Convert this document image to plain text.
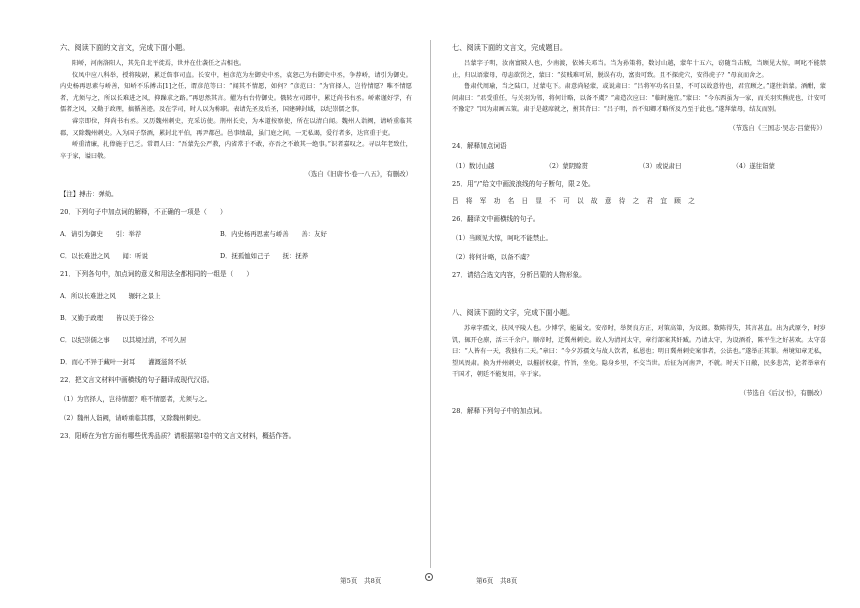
六、阅读下面的文言文，完成下面小题。

阳峤，河南洛阳人，其先自北平徙焉，世并在仕袭任之吉相也。

仪凤中应八科举，授将陵尉，累迁詹事司直。长安中，桓彦范为左御史中丞，袁恕己为右御史中丞，争荐峤，请引为御史。内史杨再思素与峤善，知峤不乐搏击[1]之任，谓彦范等曰：“闻其不情愿，如何？”彦范曰：“为官择人，岂待情愿？唯不情愿者，尤须与之，所以长难进之风，抑躁求之路。”再思然其言。擢为右台侍御史。俄转左司郎中，累迁尚书右丞。峤素谨好学，有儒者之风，又勤于政理，搞循善迹。及在学司，时人以为称职。表请先圣及后圣，国建碑封域，以纪崇儒之事。

睿宗即位，拜尚书右丞。又历魏州刺史，充采访使。荆州长史，为本道按察使，所在以清白闻。魏州人诣阙，请峤重临其郡，又除魏州刺史。入为国子祭酒，累封北平伯，再尹都邑。邑事绩最，虽门庭之间，一无私谒，爱行者多，达官重于吏。

峤重清廉，扎俸施于已乏。常谓人曰：“吾蒙先公严教，内省常于不敢，亦吾之不敢其一绝事。”识者嘉叹之。寻以年老致仕，卒于家，谥曰敬。

（选自《旧唐书·卷一八五》，有删改）
【注】搏击：弹劾。
20．下列句子中加点词的解释，不正确的一项是（　　）
A．请引为御史　　引：举荐	B．内史杨再思素与峤善　　善：友好
C．以长难进之风　　闻：听说	D．抚孤恤如己子　　抚：抚养
21．下列各句中，加点词的意义和用法全都相同的一组是（　　）
A．所以长难进之风　　辗轩之景上
B．又勤于政理　　皆以美于徐公
C．以纪崇儒之事　　以其境过清，不可久居
D．而心不异于藏叶一封耳　　灌溉滋肾不妖
22．把文言文材料中画横线的句子翻译成现代汉语。
（1）为官择人，岂待情愿？唯不情愿者，尤须与之。
（2）魏州人诣阙，请峤重临其郡，又除魏州刺史。
23．阳峤在为官方面有哪些优秀品质？请根据第Ⅰ卷中的文言文材料，概括作答。
七、阅读下面的文言文，完成题目。

吕蒙字子明，汝南富陂人也，少南渡，依姊夫邓当。当为孙策将，数讨山越，蒙年十五六，窃随当击贼，当顾见大惊，呵叱不能禁止，归以语蒙母，母恚欲罚之，蒙曰：“贫贱难可居，脱误有功，富贵可致。且不探虎穴，安得虎子？”母哀而舍之。

鲁肃代周瑜，当之陆口，过蒙屯下。肃意尚轻蒙，或说肃曰：“吕将军功名日显，不可以故意待也，君宜顾之。”遂往诣蒙。酒酣，蒙问肃曰：“君受重任，与关羽为邻，将何计略，以备不虞？”肃造次应曰：“临时施宜。”蒙曰：“今东西虽为一家，而关羽实熊虎也，计安可不豫定？”因为肃画五策。肃于是越席就之，拊其背曰：“吕子明，吾不知卿才略所及乃至于此也。”遂拜蒙母，结友而别。

（节选自《三国志·吴志·吕蒙传》）
24．解释加点词语
（1）数讨山越	（2）蒙阴赊贳	（3）或说肃曰	（4）遂往诣蒙
25．用“/”给文中画波浪线的句子断句，限２处。
吕将军功名日显不可以故意待之君宜顾之
26．翻译文中画横线的句子。
（1）当顾见大惊，呵叱不能禁止。
（2）将何计略，以备不虞？
27．请结合选文内容，分析吕蒙的人物形象。
八、阅读下面的文字，完成下面小题。

苏章字孺文，扶风平陵人也。少博学，能属文。安帝时，举贤良方正，对策高第，为议郎。数陈得失，其言甚直。出为武原令，时岁饥，辄开仓廪，活三千余户。顺帝时，迁冀州刺史。故人为清河太守，章行部案其奸臧。乃请太守，为设酒肴，陈平生之好甚欢。太守喜曰：“人皆有一天，我独有二天。”章曰：“今夕苏孺文与故人饮者，私恩也；明日冀州刺史案事者，公法也。”遂举正其罪。州境知章无私，望风畏肃。换为并州刺史，以摧折权豪，忤旨，坐免。隐身乡里，不交当世。后征为河南尹，不就。时天下日敝，民多悲苦，论者举章有干国才，朝廷不能复用，卒于家。

（节选自《后汉书》，有删改）
28．解释下列句子中的加点词。
第5页　共8页	第6页　共8页
